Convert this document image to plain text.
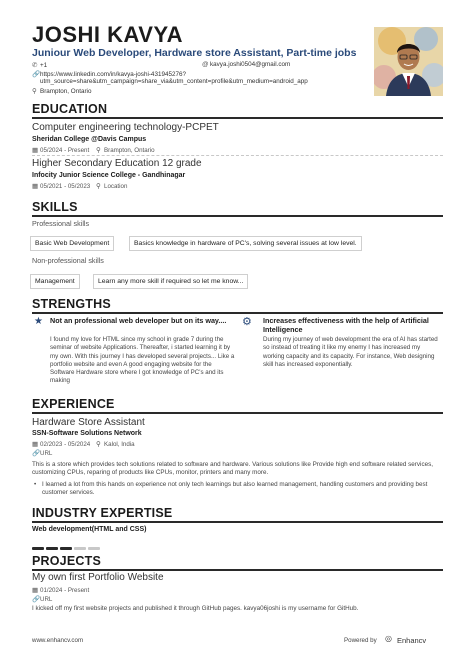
JOSHI KAVYA
Juniour Web Developer, Hardware store Assistant, Part-time jobs
✆ +1	@kavya.joshi0504@gmail.com
🔗https://www.linkedin.com/in/kavya-joshi-431945276?
utm_source=share&utm_campaign=share_via&utm_content=profile&utm_medium=android_app
⚲ Brampton, Ontario
EDUCATION
Computer engineering technology-PCPET
Sheridan College @Davis Campus
▦ 05/2024 - Present ⚲ Brampton, Ontario
Higher Secondary Education 12 grade
Infocity Junior Science College - Gandhinagar
▦ 05/2021 - 05/2023 ⚲ Location
SKILLS
Professional skills
Basic Web Development	Basics knowledge in hardware of PC's, solving several issues at low level.
Non-professional skills
Management	Learn any more skill if required so let me know...
STRENGTHS
★ Not an professional web developer but on its way....
I found my love for HTML since my school in grade 7 during the seminar of website Applications. Thereafter, i started learning it by my own. With this journey I has developed several projects... Like a portfolio website and even A good engaging website for the Software Hardware store where I got knowledge of PC's and its making
⚙ Increases effectiveness with the help of Artificial Intelligence
During my journey of web development the era of AI has started so instead of treating it like my enemy I has increased my working capacity and its capacity. For instance, Web designing skill has increased exponentially.
EXPERIENCE
Hardware Store Assistant
SSN-Software Solutions Network
▦ 02/2023 - 05/2024 ⚲ Kalol, India
🔗URL
This is a store which provides tech solutions related to software and hardware. Various solutions like Provide high end software related services, customizing CPUs, reparing of products like CPUs, monitor, printers and many more.
• I learned a lot from this hands on experience not only tech learnings but also learned management, handling customers and providing best customer services.
INDUSTRY EXPERTISE
Web development(HTML and CSS)
PROJECTS
My own first Portfolio Website
▦ 01/2024 - Present
🔗URL
I kicked off my first website projects and published it through GitHub pages. kavya06joshi is my username for GitHub.
www.enhancv.com	Powered by ◎ Enhancv
